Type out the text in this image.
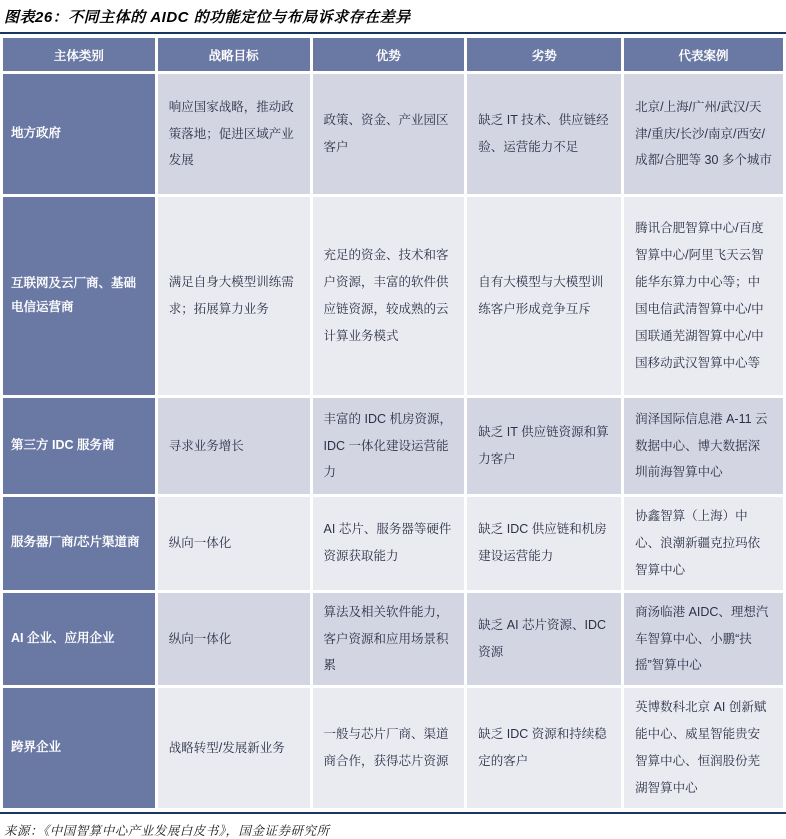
图表26：不同主体的 AIDC 的功能定位与布局诉求存在差异
主体类别	战略目标	优势	劣势	代表案例
地方政府	响应国家战略，推动政策落地；促进区域产业发展	政策、资金、产业园区客户	缺乏 IT 技术、供应链经验、运营能力不足	北京/上海/广州/武汉/天津/重庆/长沙/南京/西安/成都/合肥等 30 多个城市
互联网及云厂商、基础电信运营商	满足自身大模型训练需求；拓展算力业务	充足的资金、技术和客户资源，丰富的软件供应链资源，较成熟的云计算业务模式	自有大模型与大模型训练客户形成竞争互斥	腾讯合肥智算中心/百度智算中心/阿里飞天云智能华东算力中心等；中国电信武清智算中心/中国联通芜湖智算中心/中国移动武汉智算中心等
第三方 IDC 服务商	寻求业务增长	丰富的 IDC 机房资源，IDC 一体化建设运营能力	缺乏 IT 供应链资源和算力客户	润泽国际信息港 A-11 云数据中心、博大数据深圳前海智算中心
服务器厂商/芯片渠道商	纵向一体化	AI 芯片、服务器等硬件资源获取能力	缺乏 IDC 供应链和机房建设运营能力	协鑫智算（上海）中心、浪潮新疆克拉玛依智算中心
AI 企业、应用企业	纵向一体化	算法及相关软件能力，客户资源和应用场景积累	缺乏 AI 芯片资源、IDC 资源	商汤临港 AIDC、理想汽车智算中心、小鹏“扶摇”智算中心
跨界企业	战略转型/发展新业务	一般与芯片厂商、渠道商合作，获得芯片资源	缺乏 IDC 资源和持续稳定的客户	英博数科北京 AI 创新赋能中心、威星智能贵安智算中心、恒润股份芜湖智算中心
来源：《中国智算中心产业发展白皮书》，国金证券研究所
